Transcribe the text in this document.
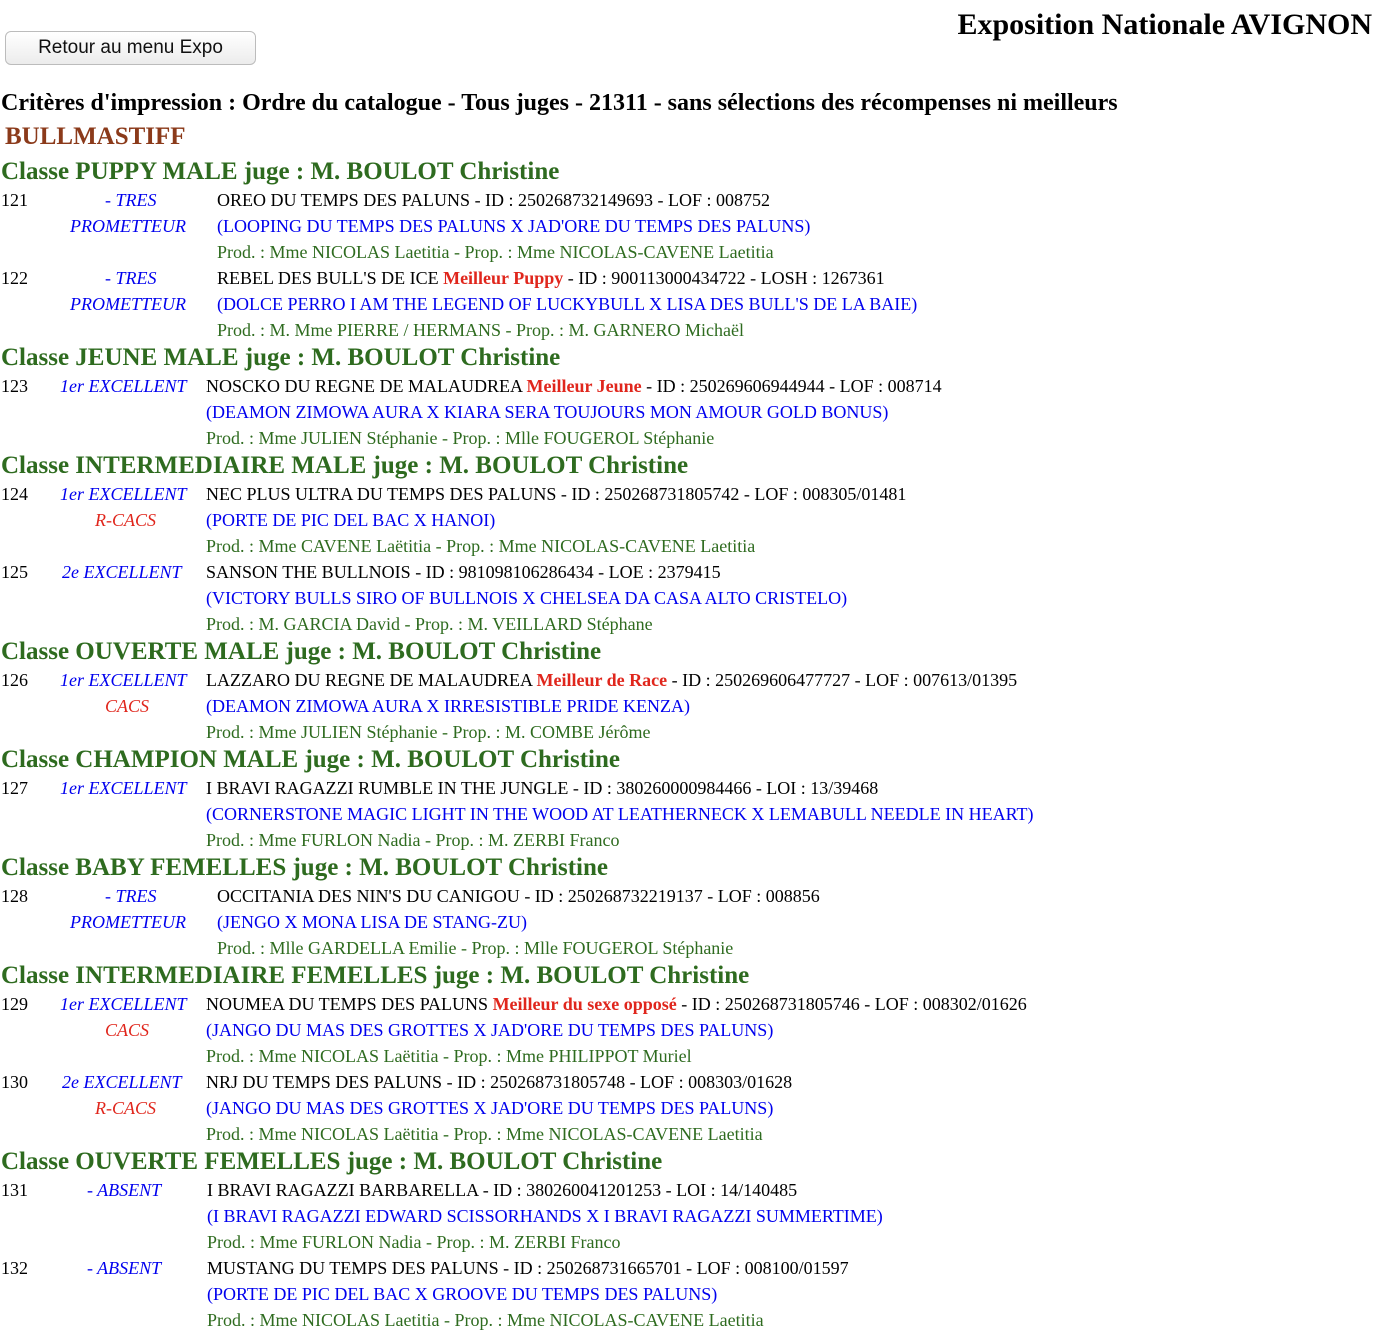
Exposition Nationale AVIGNON
Retour au menu Expo
Critères d'impression : Ordre du catalogue - Tous juges - 21311 - sans sélections des récompenses ni meilleurs
BULLMASTIFF
Classe PUPPY MALE juge : M. BOULOT Christine
121	- TRES	OREO DU TEMPS DES PALUNS - ID : 250268732149693 - LOF : 008752
PROMETTEUR (LOOPING DU TEMPS DES PALUNS X JAD'ORE DU TEMPS DES PALUNS)
Prod. : Mme NICOLAS Laetitia - Prop. : Mme NICOLAS-CAVENE Laetitia
122	- TRES	REBEL DES BULL'S DE ICE Meilleur Puppy - ID : 900113000434722 - LOSH : 1267361
PROMETTEUR (DOLCE PERRO I AM THE LEGEND OF LUCKYBULL X LISA DES BULL'S DE LA BAIE)
Prod. : M. Mme PIERRE / HERMANS - Prop. : M. GARNERO Michaël
Classe JEUNE MALE juge : M. BOULOT Christine
123 1er EXCELLENT NOSCKO DU REGNE DE MALAUDREA Meilleur Jeune - ID : 250269606944944 - LOF : 008714
(DEAMON ZIMOWA AURA X KIARA SERA TOUJOURS MON AMOUR GOLD BONUS)
Prod. : Mme JULIEN Stéphanie - Prop. : Mlle FOUGEROL Stéphanie
Classe INTERMEDIAIRE MALE juge : M. BOULOT Christine
124 1er EXCELLENT NEC PLUS ULTRA DU TEMPS DES PALUNS - ID : 250268731805742 - LOF : 008305/01481
R-CACS	(PORTE DE PIC DEL BAC X HANOI)
Prod. : Mme CAVENE Laëtitia - Prop. : Mme NICOLAS-CAVENE Laetitia
125 2e EXCELLENT SANSON THE BULLNOIS - ID : 981098106286434 - LOE : 2379415
(VICTORY BULLS SIRO OF BULLNOIS X CHELSEA DA CASA ALTO CRISTELO)
Prod. : M. GARCIA David - Prop. : M. VEILLARD Stéphane
Classe OUVERTE MALE juge : M. BOULOT Christine
126 1er EXCELLENT LAZZARO DU REGNE DE MALAUDREA Meilleur de Race - ID : 250269606477727 - LOF : 007613/01395
CACS	(DEAMON ZIMOWA AURA X IRRESISTIBLE PRIDE KENZA)
Prod. : Mme JULIEN Stéphanie - Prop. : M. COMBE Jérôme
Classe CHAMPION MALE juge : M. BOULOT Christine
127 1er EXCELLENT I BRAVI RAGAZZI RUMBLE IN THE JUNGLE - ID : 380260000984466 - LOI : 13/39468
(CORNERSTONE MAGIC LIGHT IN THE WOOD AT LEATHERNECK X LEMABULL NEEDLE IN HEART)
Prod. : Mme FURLON Nadia - Prop. : M. ZERBI Franco
Classe BABY FEMELLES juge : M. BOULOT Christine
128	- TRES	OCCITANIA DES NIN'S DU CANIGOU - ID : 250268732219137 - LOF : 008856
PROMETTEUR (JENGO X MONA LISA DE STANG-ZU)
Prod. : Mlle GARDELLA Emilie - Prop. : Mlle FOUGEROL Stéphanie
Classe INTERMEDIAIRE FEMELLES juge : M. BOULOT Christine
129 1er EXCELLENT NOUMEA DU TEMPS DES PALUNS Meilleur du sexe opposé - ID : 250268731805746 - LOF : 008302/01626
CACS	(JANGO DU MAS DES GROTTES X JAD'ORE DU TEMPS DES PALUNS)
Prod. : Mme NICOLAS Laëtitia - Prop. : Mme PHILIPPOT Muriel
130 2e EXCELLENT NRJ DU TEMPS DES PALUNS - ID : 250268731805748 - LOF : 008303/01628
R-CACS	(JANGO DU MAS DES GROTTES X JAD'ORE DU TEMPS DES PALUNS)
Prod. : Mme NICOLAS Laëtitia - Prop. : Mme NICOLAS-CAVENE Laetitia
Classe OUVERTE FEMELLES juge : M. BOULOT Christine
131	- ABSENT	I BRAVI RAGAZZI BARBARELLA - ID : 380260041201253 - LOI : 14/140485
(I BRAVI RAGAZZI EDWARD SCISSORHANDS X I BRAVI RAGAZZI SUMMERTIME)
Prod. : Mme FURLON Nadia - Prop. : M. ZERBI Franco
132	- ABSENT	MUSTANG DU TEMPS DES PALUNS - ID : 250268731665701 - LOF : 008100/01597
(PORTE DE PIC DEL BAC X GROOVE DU TEMPS DES PALUNS)
Prod. : Mme NICOLAS Laetitia - Prop. : Mme NICOLAS-CAVENE Laetitia
